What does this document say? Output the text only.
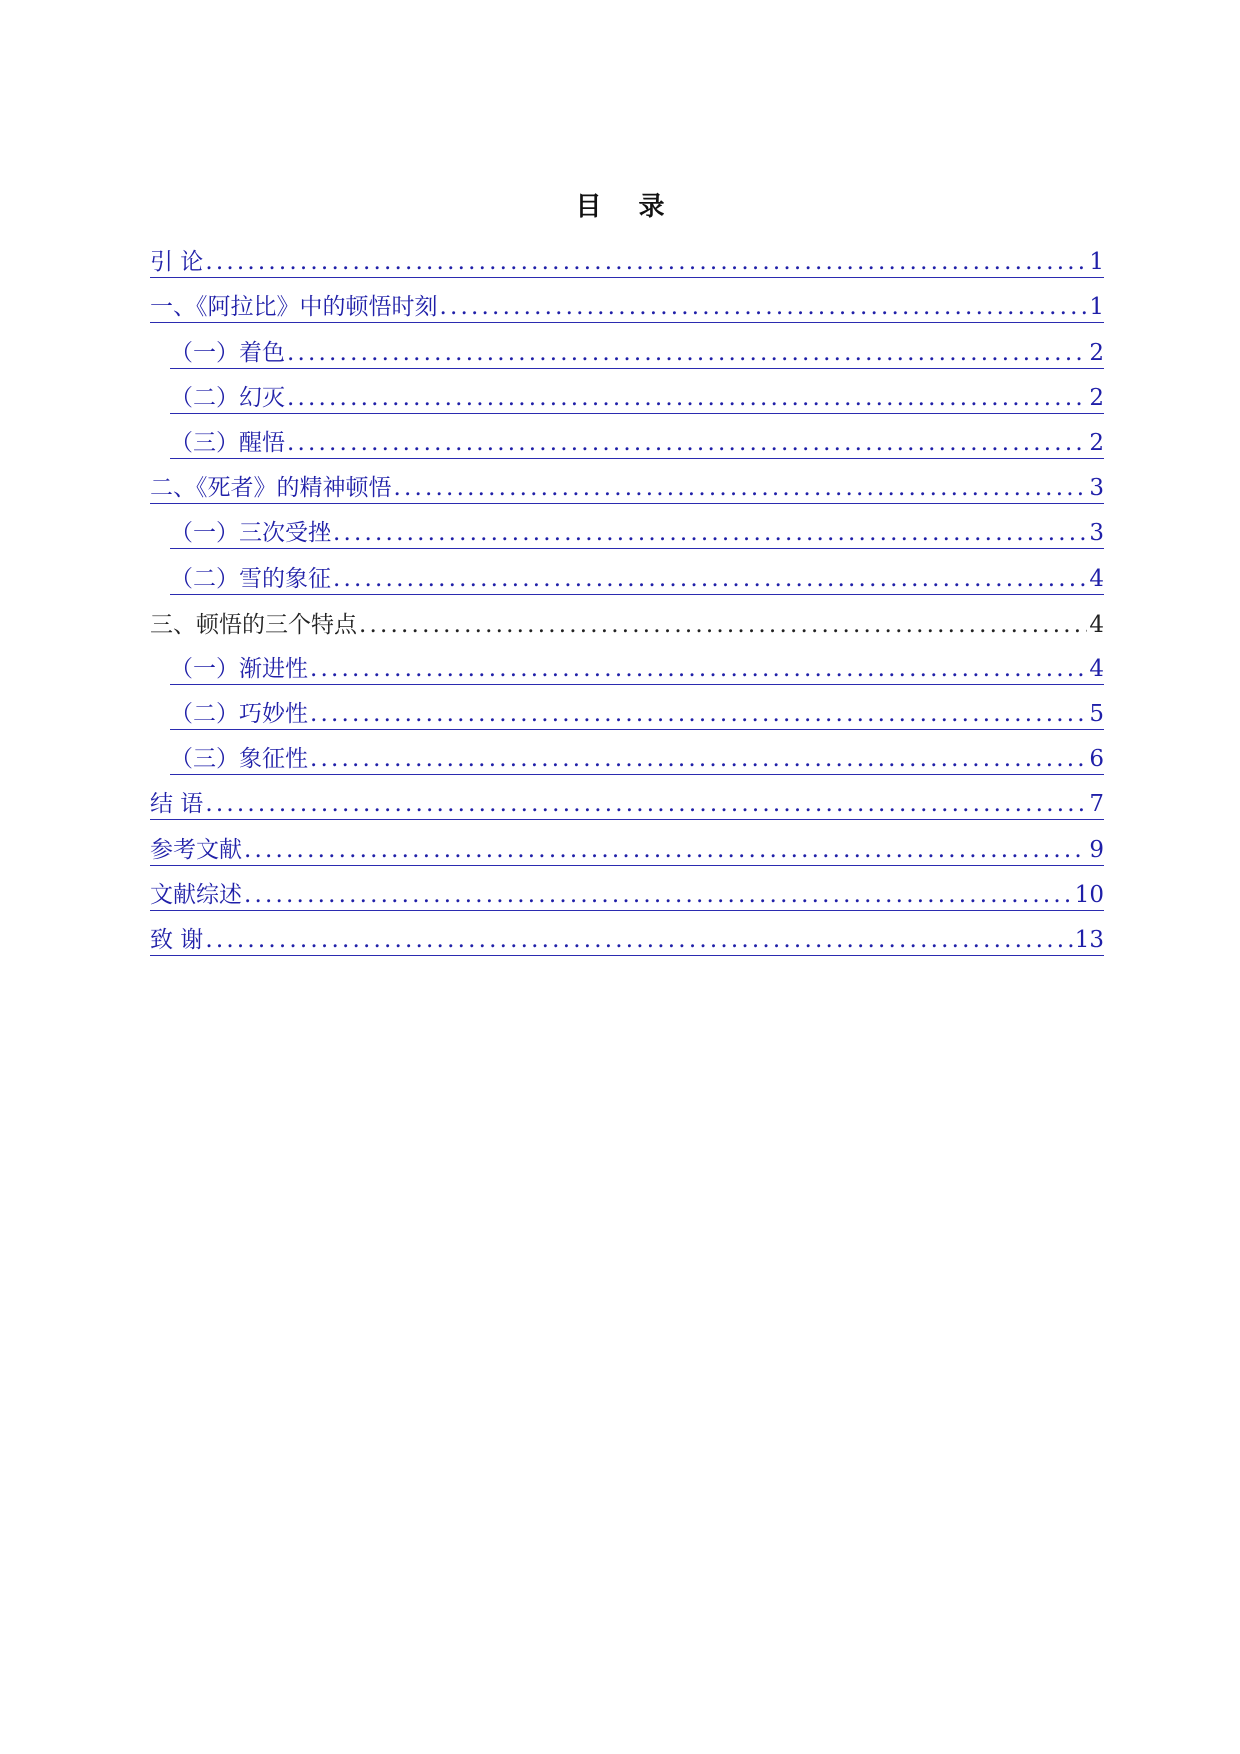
目 录
引 论 .....	1
一、《阿拉比》中的顿悟时刻 .....	1
（一）着色 .....	2
（二）幻灭 .....	2
（三）醒悟 .....	2
二、《死者》的精神顿悟 .....	3
（一）三次受挫 .....	3
（二）雪的象征 .....	4
三、顿悟的三个特点 .....	4
（一）渐进性 .....	4
（二）巧妙性 .....	5
（三）象征性 .....	6
结 语 .....	7
参考文献 .....	9
文献综述 .....	10
致 谢 .....	13
